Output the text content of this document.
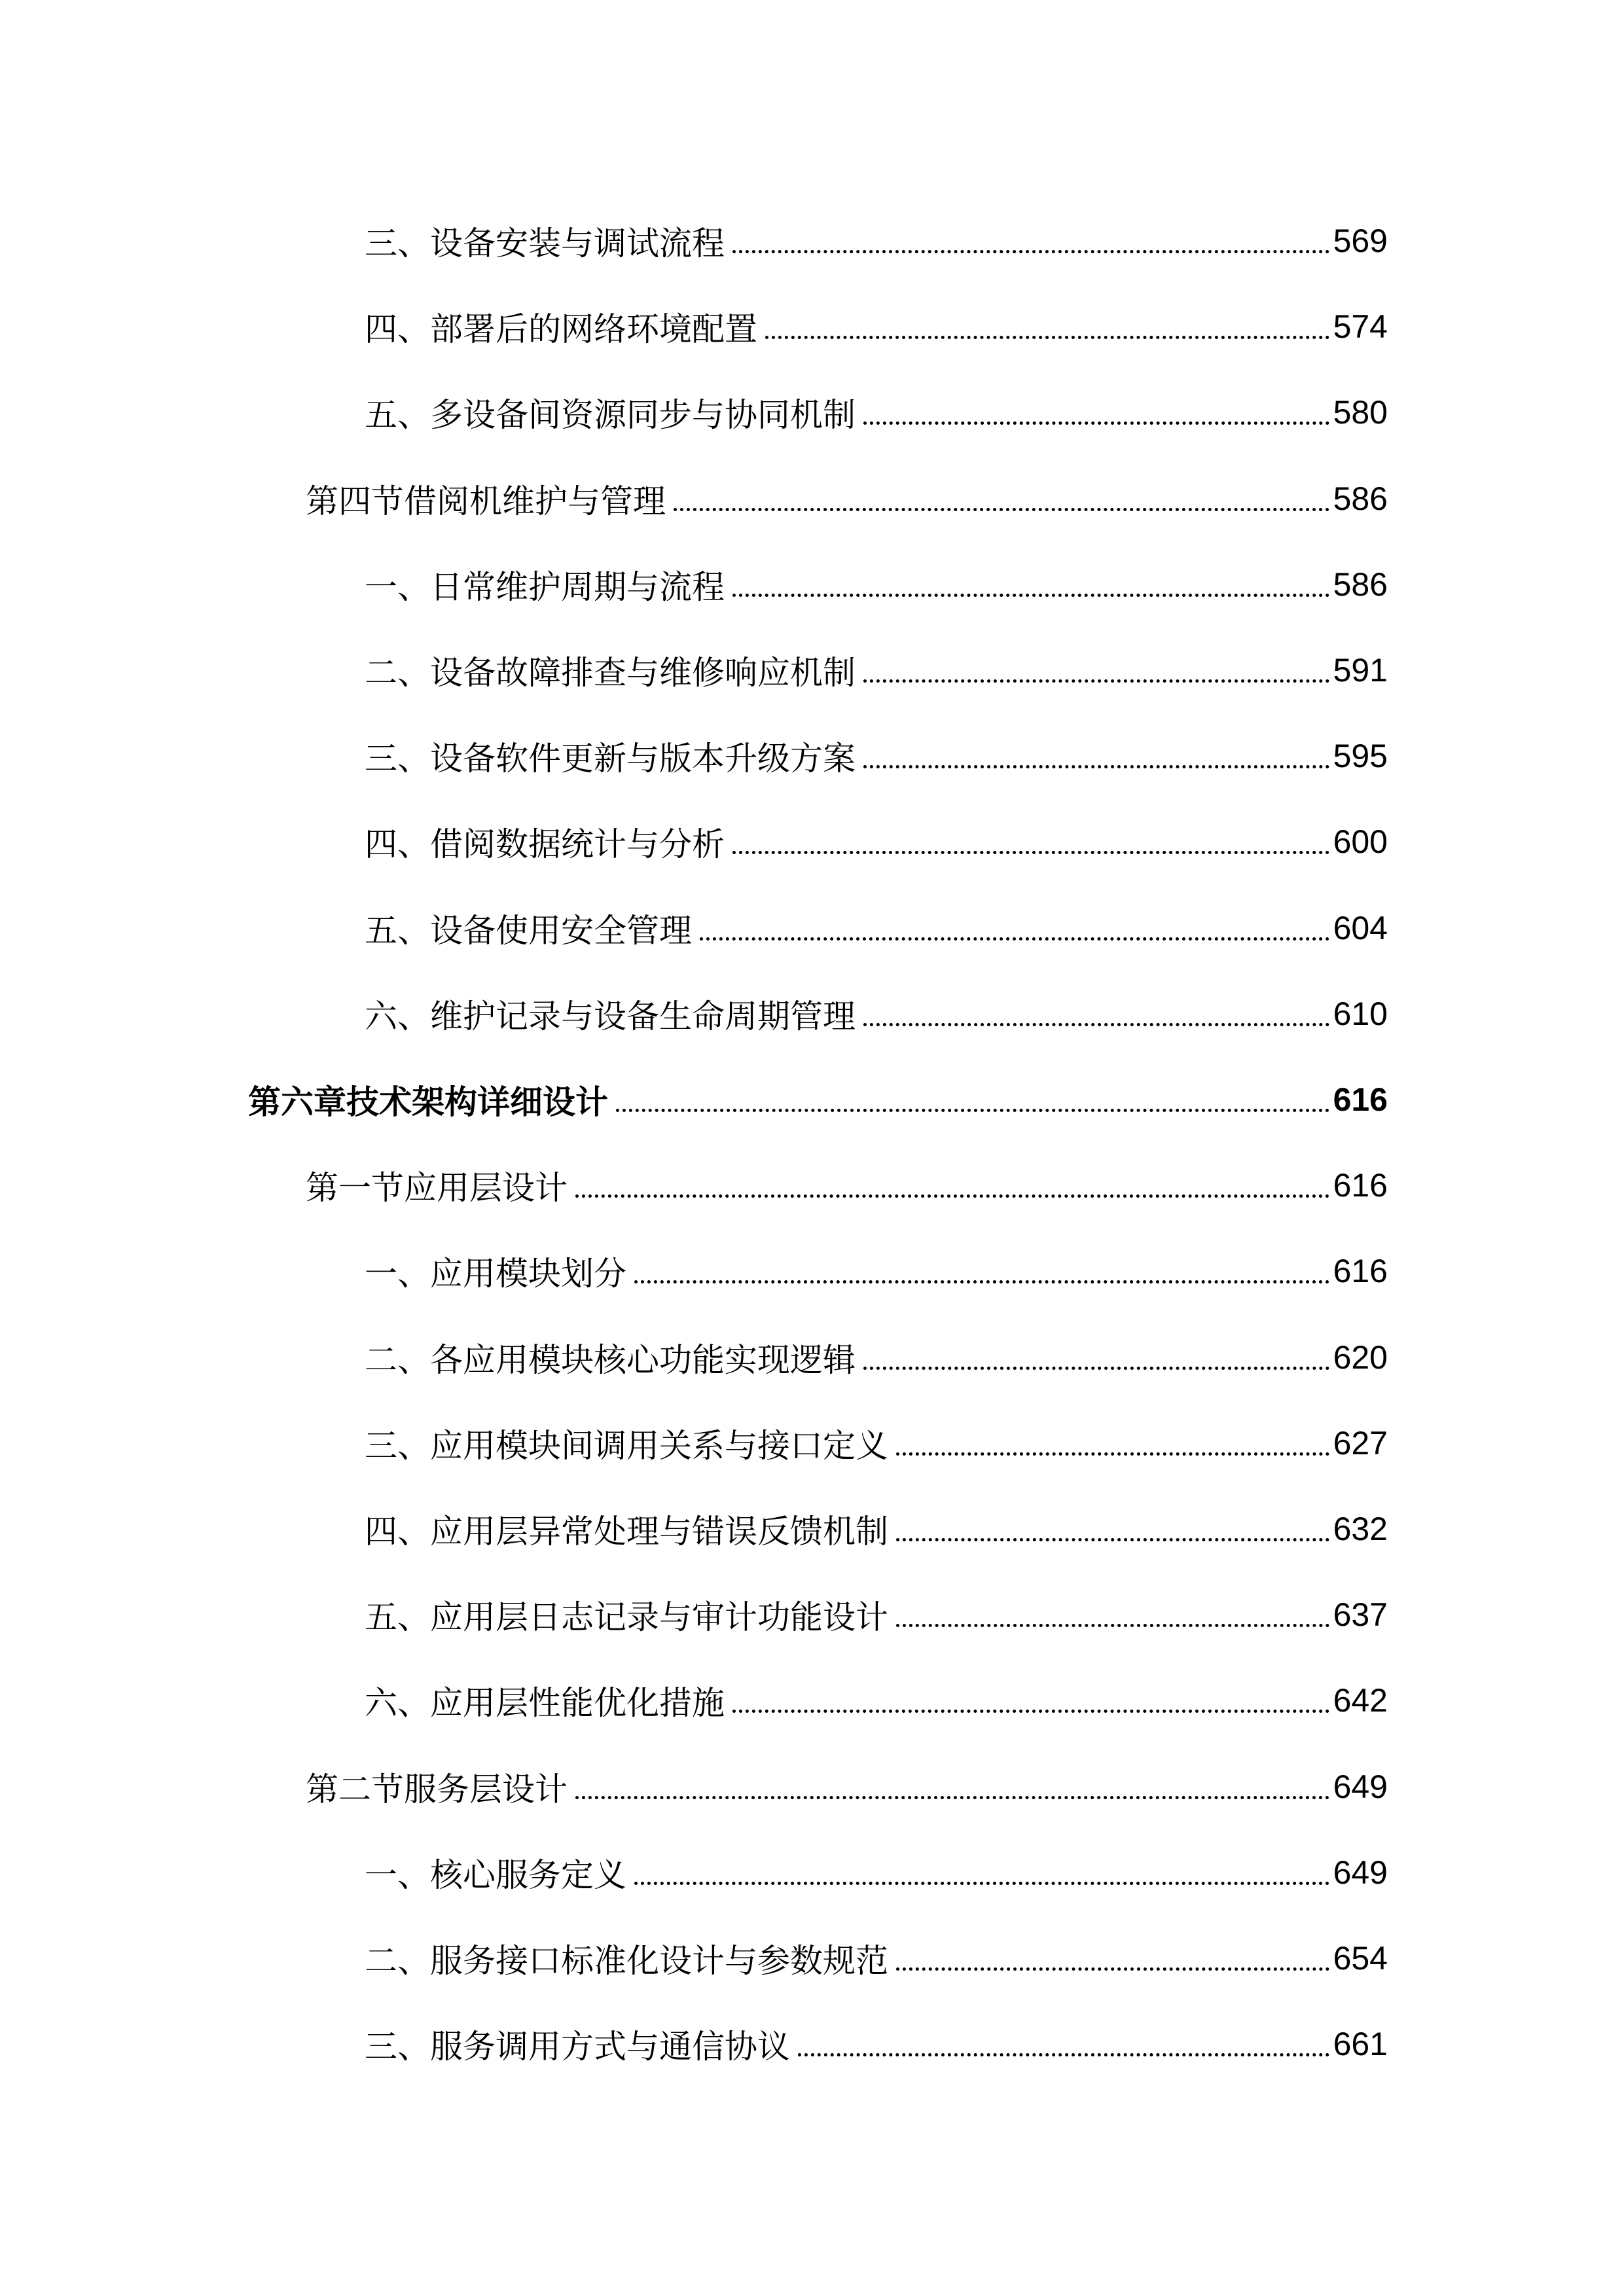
三、设备安装与调试流程	569
四、部署后的网络环境配置	574
五、多设备间资源同步与协同机制	580
第四节借阅机维护与管理	586
一、日常维护周期与流程	586
二、设备故障排查与维修响应机制	591
三、设备软件更新与版本升级方案	595
四、借阅数据统计与分析	600
五、设备使用安全管理	604
六、维护记录与设备生命周期管理	610
第六章技术架构详细设计	616
第一节应用层设计	616
一、应用模块划分	616
二、各应用模块核心功能实现逻辑	620
三、应用模块间调用关系与接口定义	627
四、应用层异常处理与错误反馈机制	632
五、应用层日志记录与审计功能设计	637
六、应用层性能优化措施	642
第二节服务层设计	649
一、核心服务定义	649
二、服务接口标准化设计与参数规范	654
三、服务调用方式与通信协议	661
